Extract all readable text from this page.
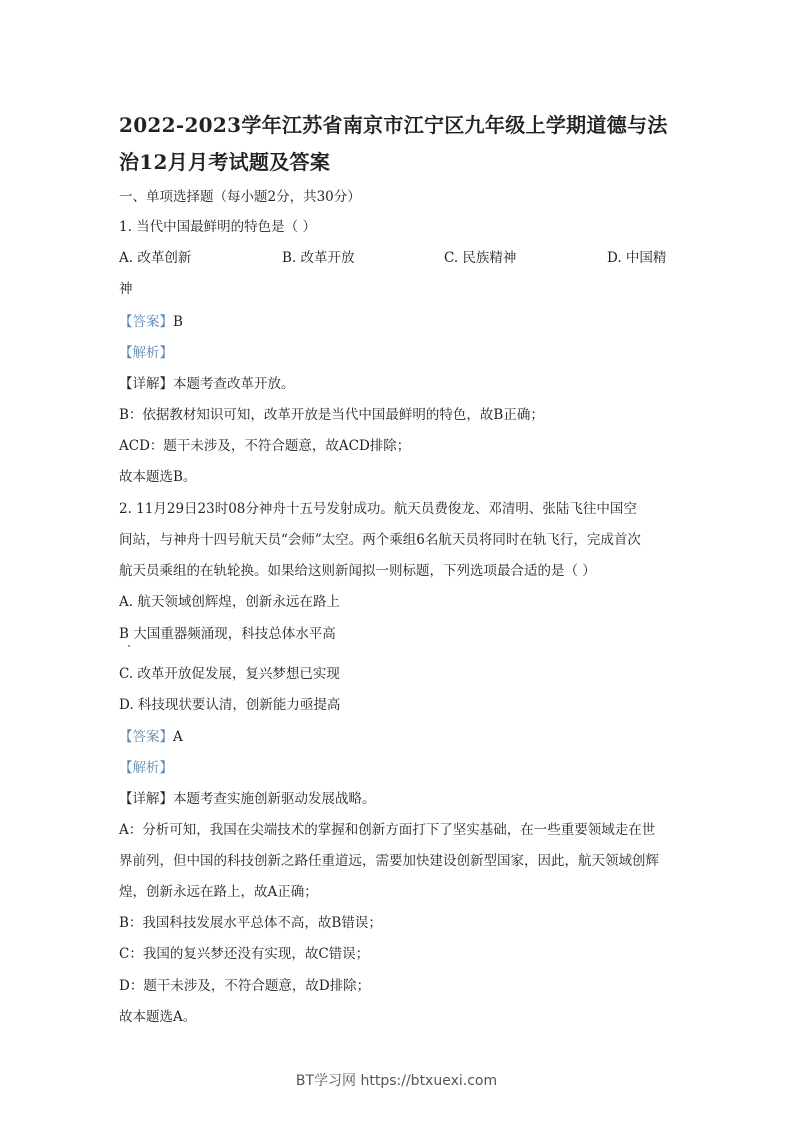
2022-2023学年江苏省南京市江宁区九年级上学期道德与法
治12月月考试题及答案
一、单项选择题（每小题2分，共30分）
1. 当代中国最鲜明的特色是（ ）
A. 改革创新	B. 改革开放	C. 民族精神	D. 中国精
神
【答案】B
【解析】
【详解】本题考查改革开放。
B：依据教材知识可知，改革开放是当代中国最鲜明的特色，故B正确；
ACD：题干未涉及，不符合题意，故ACD排除；
故本题选B。
2. 11月29日23时08分神舟十五号发射成功。航天员费俊龙、邓清明、张陆飞往中国空
间站，与神舟十四号航天员“会师”太空。两个乘组6名航天员将同时在轨飞行，完成首次
航天员乘组的在轨轮换。如果给这则新闻拟一则标题，下列选项最合适的是（ ）
A. 航天领域创辉煌，创新永远在路上
B 大国重器频涌现，科技总体水平高
C. 改革开放促发展，复兴梦想已实现
D. 科技现状要认清，创新能力亟提高
【答案】A
【解析】
【详解】本题考查实施创新驱动发展战略。
A：分析可知，我国在尖端技术的掌握和创新方面打下了坚实基础，在一些重要领域走在世
界前列，但中国的科技创新之路任重道远，需要加快建设创新型国家，因此，航天领域创辉
煌，创新永远在路上，故A正确；
B：我国科技发展水平总体不高，故B错误；
C：我国的复兴梦还没有实现，故C错误；
D：题干未涉及，不符合题意，故D排除；
故本题选A。
BT学习网 https://btxuexi.com
